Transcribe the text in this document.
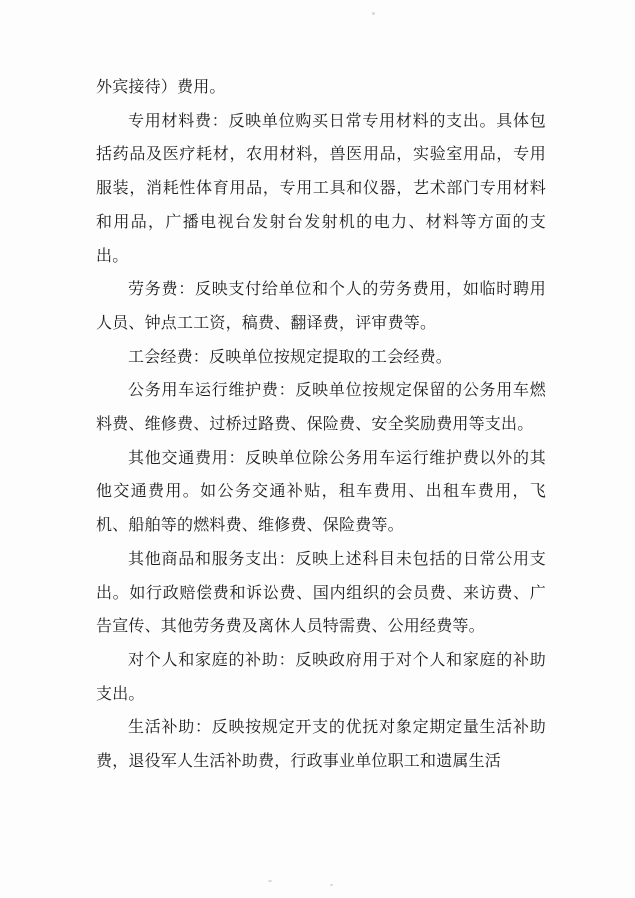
外宾接待）费用。

专用材料费：反映单位购买日常专用材料的支出。具体包括药品及医疗耗材，农用材料，兽医用品，实验室用品，专用服装，消耗性体育用品，专用工具和仪器，艺术部门专用材料和用品，广播电视台发射台发射机的电力、材料等方面的支出。

劳务费：反映支付给单位和个人的劳务费用，如临时聘用人员、钟点工工资，稿费、翻译费，评审费等。

工会经费：反映单位按规定提取的工会经费。

公务用车运行维护费：反映单位按规定保留的公务用车燃料费、维修费、过桥过路费、保险费、安全奖励费用等支出。

其他交通费用：反映单位除公务用车运行维护费以外的其他交通费用。如公务交通补贴，租车费用、出租车费用，飞机、船舶等的燃料费、维修费、保险费等。

其他商品和服务支出：反映上述科目未包括的日常公用支出。如行政赔偿费和诉讼费、国内组织的会员费、来访费、广告宣传、其他劳务费及离休人员特需费、公用经费等。

对个人和家庭的补助：反映政府用于对个人和家庭的补助支出。

生活补助：反映按规定开支的优抚对象定期定量生活补助费，退役军人生活补助费，行政事业单位职工和遗属生活
